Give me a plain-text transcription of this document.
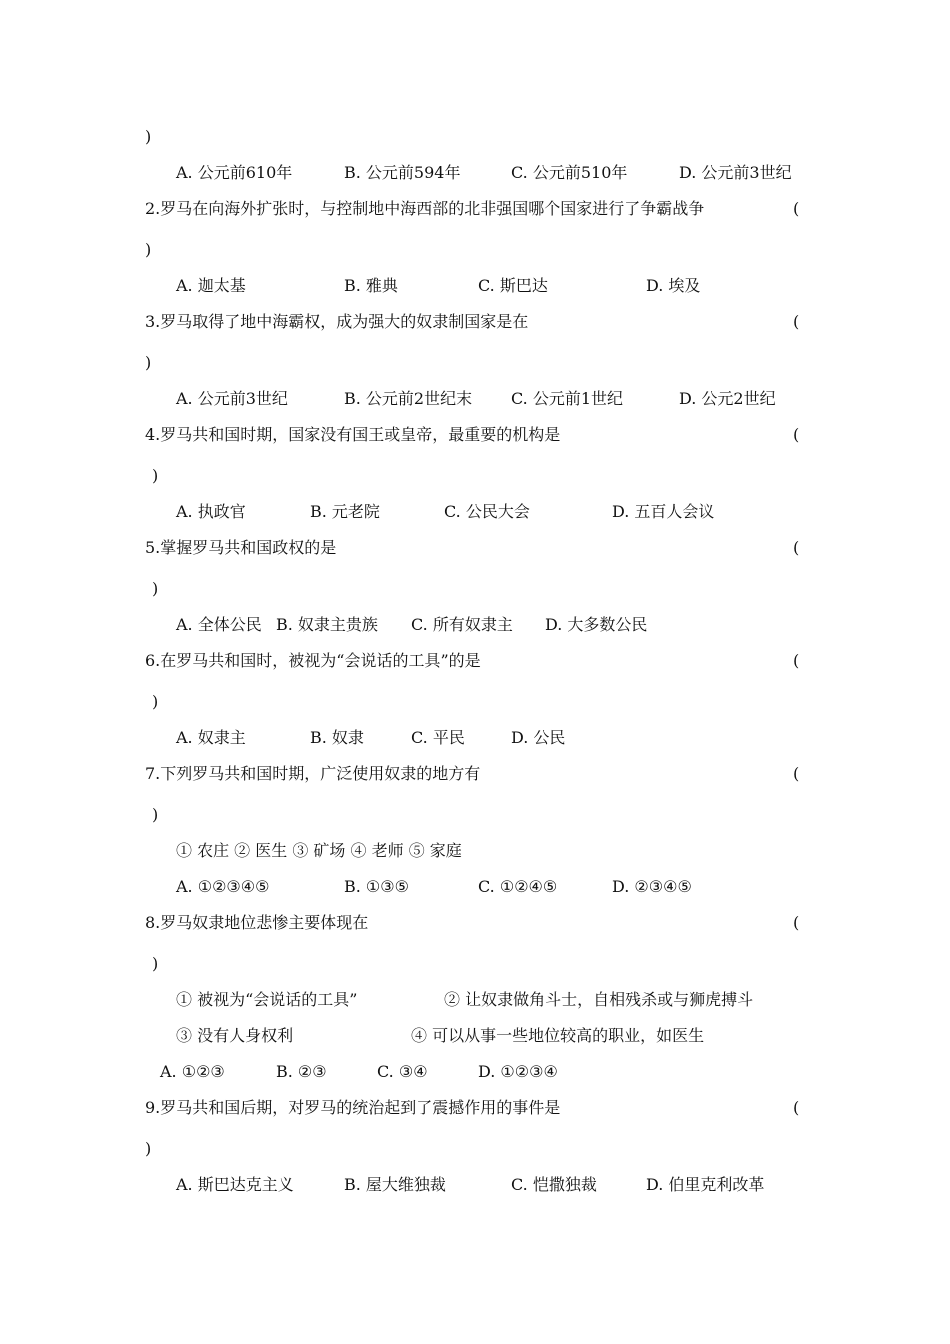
)
A. 公元前610年	B. 公元前594年	C. 公元前510年	D. 公元前3世纪
2.罗马在向海外扩张时，与控制地中海西部的北非强国哪个国家进行了争霸战争	(
)
A. 迦太基	B. 雅典	C. 斯巴达	D. 埃及
3.罗马取得了地中海霸权，成为强大的奴隶制国家是在	(
)
A. 公元前3世纪	B. 公元前2世纪末 C. 公元前1世纪	D. 公元2世纪
4.罗马共和国时期，国家没有国王或皇帝，最重要的机构是	(
)
A. 执政官	B. 元老院	C. 公民大会	D. 五百人会议
5.掌握罗马共和国政权的是	(
)
A. 全体公民 B. 奴隶主贵族 C. 所有奴隶主 D. 大多数公民
6.在罗马共和国时，被视为“会说话的工具”的是	(
)
A. 奴隶主	B. 奴隶	C. 平民	D. 公民
7.下列罗马共和国时期，广泛使用奴隶的地方有	(
)
① 农庄 ② 医生 ③ 矿场 ④ 老师 ⑤ 家庭
A. ①②③④⑤	B. ①③⑤	C. ①②④⑤	D. ②③④⑤
8.罗马奴隶地位悲惨主要体现在	(
)
① 被视为“会说话的工具”	② 让奴隶做角斗士，自相残杀或与狮虎搏斗
③ 没有人身权利	④ 可以从事一些地位较高的职业，如医生
A. ①②③	B. ②③	C. ③④	D. ①②③④
9.罗马共和国后期，对罗马的统治起到了震撼作用的事件是	(
)
A. 斯巴达克主义	B. 屋大维独裁	C. 恺撒独裁	D. 伯里克利改革
